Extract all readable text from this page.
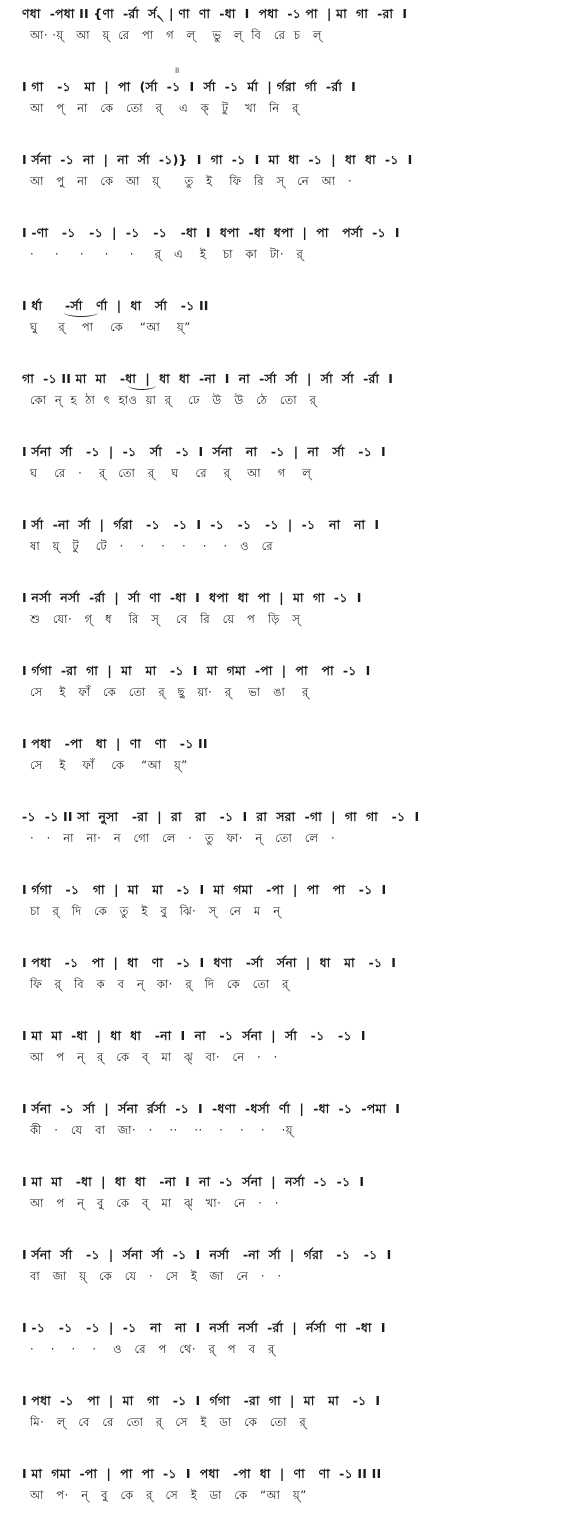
ণধা  -পধা II {ণা  -র্রা  র্স৲ | ণা  ণা  -ধা  I  পধা  -১ পা  | মা  গা  -রা  I
আ· ·য়্   আ   য়্  রে   পা   গ   ল্    ভু   ল্  বি   রে  চ   ল্
॥
I গা   -১   মা  |  পা  (র্সা  -১  I  র্সা  -১  র্মা  | র্গরা  র্গা  -র্রা  I
আ   প্   না   কে   তো   র্    এ   ক্   টু    খা   নি   র্
I র্সনা  -১  না  |  না  র্সা  -১)}  I  গা  -১  I  মা  ধা  -১  |  ধা  ধা  -১  I
আ   পু   না   কে   আ   য়্      তু   ই    ফি   রি   স্   নে   আ   ·
I -ণা   -১   -১  |  -১   -১   -ধা  I  ধপা  -ধা  ধপা  |  পা   পর্সা  -১  I
·     ·     ·     ·     ·     র্   এ    ই    চা   কা   টা·   র্
I র্ধা     -র্সা   র্ণা  |  ধা   র্সা   -১ II
ঘু     র্    পা    কে    “আ    য়্”
গা  -১ II মা  মা   -ধা  |  ধা  ধা  -না  I  না  -র্সা  র্সা  |  র্সা  র্সা  -র্রা  I
কো  ন্  হ  ঠা  ৎ  হাও  য়া  র্    ঢে   উ   উ   ঠে   তো   র্
I র্সনা  র্সা   -১  |  -১   র্সা   -১  I  র্সনা   না   -১  |  না   র্সা   -১  I
ঘ    রে   ·    র্   তো   র্    ঘ    রে    র্    আ    গ    ল্
I র্সা  -না  র্সা  |  র্গরা   -১   -১  I  -১   -১   -১  |  -১   না   না  I
ষা   য়্   টু    টে   ·    ·    ·    ·    ·    ·   ও   রে
I নর্সা  নর্সা  -র্রা  |  র্সা  ণা  -ধা  I  ধপা  ধা  পা  |  মা  গা  -১  I
শু   যো·   গ্   ধ    রি   স্    বে   রি   য়ে   প   ড়ি   স্
I র্গগা  -রা  গা  |  মা   মা   -১  I  মা  গমা  -পা  |  পা   পা  -১  I
সে    ই   ফাঁ   কে   তো   র্   ছু   য়া·   র্    ভা   ঙা    র্
I পধা   -পা   ধা  |  ণা   ণা   -১ II
সে    ই    ফাঁ    কে    “আ   য়্”
-১  -১ II সা  নুসা   -রা  |  রা   রা   -১  I  রা  সরা  -গা  |  গা  গা   -১  I
·   ·   না   না·   ন   গো   লে   ·   তু   ফা·   ন্   তো   লে   ·
I র্গগা   -১   গা  |  মা   মা   -১  I  মা  গমা   -পা  |  পা   পা   -১  I
চা   র্   দি   কে   তু   ই   বু   ঝি·   স্   নে   ম   ন্
I পধা   -১   পা  |  ধা   ণা   -১  I  ধণা   -র্সা   র্সনা  |  ধা   মা   -১  I
ফি   র্   বি   ক   ব   ন্   কা·   র্   দি   কে   তো   র্
I মা  মা  -ধা  |  ধা  ধা   -না  I  না   -১  র্সনা  |  র্সা   -১   -১  I
আ   প   ন্   র্   কে   ব্   মা   ঝ্   বা·   নে   ·   ·
I র্সনা  -১  র্সা  |  র্সনা  র্রর্সা  -১  I  -ধণা  -ধর্সা  র্ণা  |  -ধা  -১  -পমা  I
কী   ·   যে   বা   জা·   ·    ··    ··    ·    ·    ·    ·য়্
I মা  মা   -ধা  |  ধা  ধা   -না  I  না  -১  র্সনা  |  নর্সা  -১  -১  I
আ   প   ন্   বু   কে   ব্   মা   ঝ্   খা·   নে   ·   ·
I র্সনা  র্সা   -১  |  র্সনা  র্সা  -১  I  নর্সা   -না  র্সা  |  র্গরা   -১   -১  I
বা   জা   য়্   কে   যে   ·   সে   ই   জা   নে   ·   ·
I -১   -১   -১  |  -১   না   না  I  নর্সা  নর্সা  -র্রা  |  র্নর্সা  ণা  -ধা  I
·    ·    ·    ·    ও   রে   প   থে·   র্   প   ব   র্
I পধা  -১   পা  |  মা   গা   -১  I  র্গগা   -রা  গা  |  মা   মা   -১  I
মি·   ল্   বে   রে   তো   র্   সে   ই   ডা   কে   তো   র্
I মা  গমা  -পা  |  পা  পা  -১  I  পধা   -পা  ধা  |  ণা   ণা  -১ II II
আ   প·   ন্   বু   কে   র্   সে   ই   ডা   কে   “আ   য়্”
